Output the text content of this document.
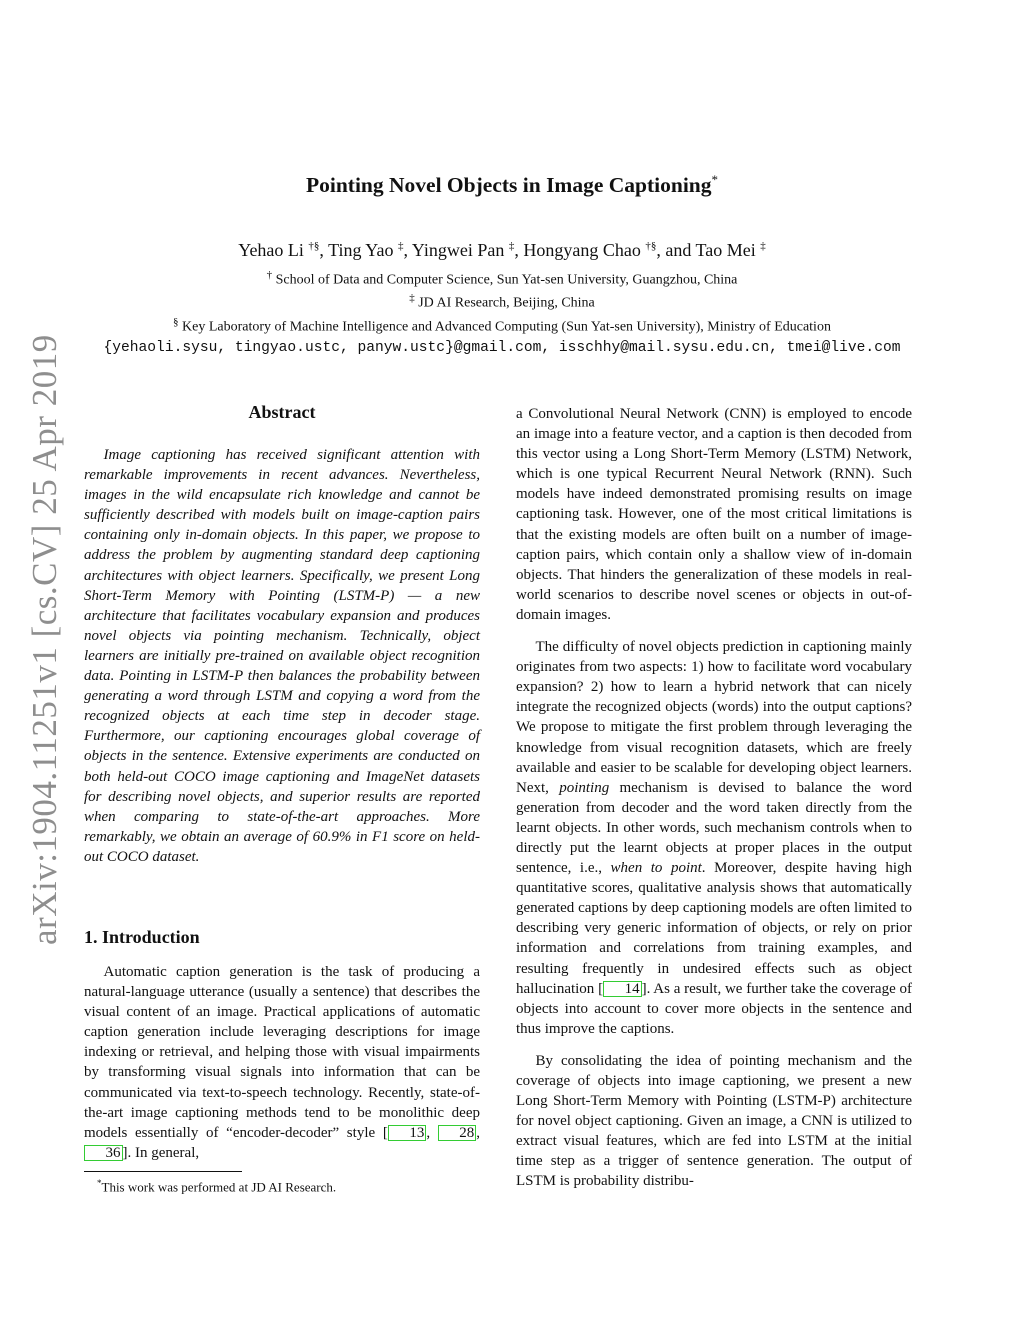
arXiv:1904.11251v1 [cs.CV] 25 Apr 2019
Pointing Novel Objects in Image Captioning*
Yehao Li †§, Ting Yao ‡, Yingwei Pan ‡, Hongyang Chao †§, and Tao Mei ‡
† School of Data and Computer Science, Sun Yat-sen University, Guangzhou, China
‡ JD AI Research, Beijing, China
§ Key Laboratory of Machine Intelligence and Advanced Computing (Sun Yat-sen University), Ministry of Education
{yehaoli.sysu, tingyao.ustc, panyw.ustc}@gmail.com, isschhy@mail.sysu.edu.cn, tmei@live.com
Abstract

Image captioning has received significant attention with remarkable improvements in recent advances. Nevertheless, images in the wild encapsulate rich knowledge and cannot be sufficiently described with models built on image-caption pairs containing only in-domain objects. In this paper, we propose to address the problem by augmenting standard deep captioning architectures with object learners. Specifically, we present Long Short-Term Memory with Pointing (LSTM-P) — a new architecture that facilitates vocabulary expansion and produces novel objects via pointing mechanism. Technically, object learners are initially pre-trained on available object recognition data. Pointing in LSTM-P then balances the probability between generating a word through LSTM and copying a word from the recognized objects at each time step in decoder stage. Furthermore, our captioning encourages global coverage of objects in the sentence. Extensive experiments are conducted on both held-out COCO image captioning and ImageNet datasets for describing novel objects, and superior results are reported when comparing to state-of-the-art approaches. More remarkably, we obtain an average of 60.9% in F1 score on held-out COCO dataset.

1. Introduction

Automatic caption generation is the task of producing a natural-language utterance (usually a sentence) that describes the visual content of an image. Practical applications of automatic caption generation include leveraging descriptions for image indexing or retrieval, and helping those with visual impairments by transforming visual signals into information that can be communicated via text-to-speech technology. Recently, state-of-the-art image captioning methods tend to be monolithic deep models essentially of “encoder-decoder” style [ 13 , 28 , 36 ]. In general,

a Convolutional Neural Network (CNN) is employed to encode an image into a feature vector, and a caption is then decoded from this vector using a Long Short-Term Memory (LSTM) Network, which is one typical Recurrent Neural Network (RNN). Such models have indeed demonstrated promising results on image captioning task. However, one of the most critical limitations is that the existing models are often built on a number of image-caption pairs, which contain only a shallow view of in-domain objects. That hinders the generalization of these models in real-world scenarios to describe novel scenes or objects in out-of-domain images.

The difficulty of novel objects prediction in captioning mainly originates from two aspects: 1) how to facilitate word vocabulary expansion? 2) how to learn a hybrid network that can nicely integrate the recognized objects (words) into the output captions? We propose to mitigate the first problem through leveraging the knowledge from visual recognition datasets, which are freely available and easier to be scalable for developing object learners. Next, pointing mechanism is devised to balance the word generation from decoder and the word taken directly from the learnt objects. In other words, such mechanism controls when to directly put the learnt objects at proper places in the output sentence, i.e., when to point. Moreover, despite having high quantitative scores, qualitative analysis shows that automatically generated captions by deep captioning models are often limited to describing very generic information of objects, or rely on prior information and correlations from training examples, and resulting frequently in undesired effects such as object hallucination [ 14 ]. As a result, we further take the coverage of objects into account to cover more objects in the sentence and thus improve the captions.

By consolidating the idea of pointing mechanism and the coverage of objects into image captioning, we present a new Long Short-Term Memory with Pointing (LSTM-P) architecture for novel object captioning. Given an image, a CNN is utilized to extract visual features, which are fed into LSTM at the initial time step as a trigger of sentence generation. The output of LSTM is probability distribu-

*This work was performed at JD AI Research.
